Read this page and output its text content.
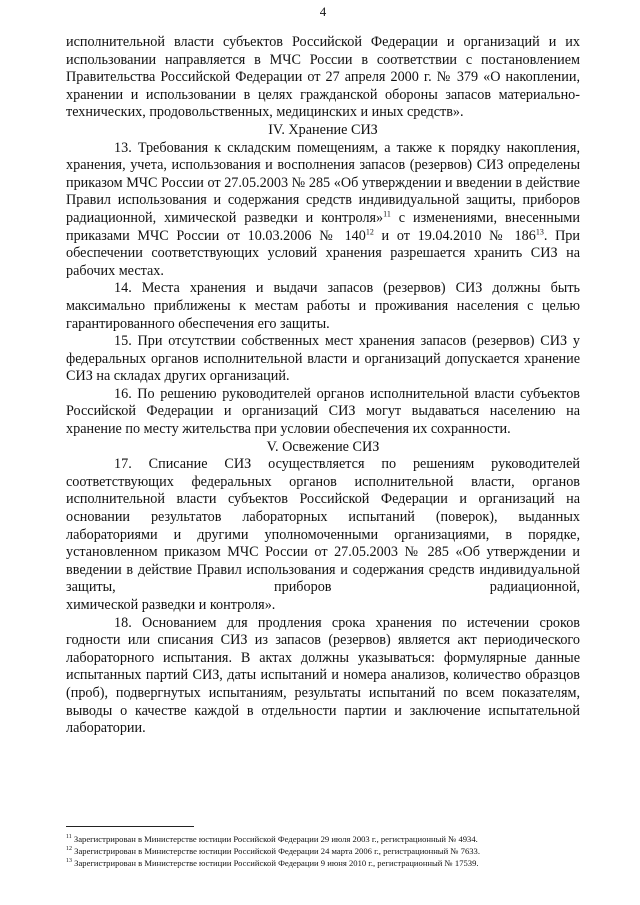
4

исполнительной власти субъектов Российской Федерации и организаций и их использовании направляется в МЧС России в соответствии с постановлением Правительства Российской Федерации от 27 апреля 2000 г. № 379 «О накоплении, хранении и использовании в целях гражданской обороны запасов материально-технических, продовольственных, медицинских и иных средств».

IV. Хранение СИЗ

13. Требования к складским помещениям, а также к порядку накопления, хранения, учета, использования и восполнения запасов (резервов) СИЗ определены приказом МЧС России от 27.05.2003 № 285 «Об утверждении и введении в действие Правил использования и содержания средств индивидуальной защиты, приборов радиационной, химической разведки и контроля»$^{11}$ с изменениями, внесенными приказами МЧС России от 10.03.2006 № $140^{12}$ и от 19.04.2010 № $186^{13}$. При обеспечении соответствующих условий хранения разрешается хранить СИЗ на рабочих местах.

14. Места хранения и выдачи запасов (резервов) СИЗ должны быть максимально приближены к местам работы и проживания населения с целью гарантированного обеспечения его защиты.

15. При отсутствии собственных мест хранения запасов (резервов) СИЗ у федеральных органов исполнительной власти и организаций допускается хранение СИЗ на складах других организаций.

16. По решению руководителей органов исполнительной власти субъектов Российской Федерации и организаций СИЗ могут выдаваться населению на хранение по месту жительства при условии обеспечения их сохранности.

V. Освежение СИЗ

17. Списание СИЗ осуществляется по решениям руководителей соответствующих федеральных органов исполнительной власти, органов исполнительной власти субъектов Российской Федерации и организаций на основании результатов лабораторных испытаний (поверок), выданных лабораториями и другими уполномоченными организациями, в порядке, установленном приказом МЧС России от 27.05.2003 № 285 «Об утверждении и введении в действие Правил использования и содержания средств индивидуальной защиты, приборов радиационной,

химической разведки и контроля».

18. Основанием для продления срока хранения по истечении сроков годности или списания СИЗ из запасов (резервов) является акт периодического лабораторного испытания. В актах должны указываться: формулярные данные испытанных партий СИЗ, даты испытаний и номера анализов, количество образцов (проб), подвергнутых испытаниям, результаты испытаний по всем показателям, выводы о качестве каждой в отдельности партии и заключение испытательной лаборатории.

$^{11}$ Зарегистрирован в Министерстве юстиции Российской Федерации 29 июля 2003 г., регистрационный № 4934.
$^{12}$ Зарегистрирован в Министерстве юстиции Российской Федерации 24 марта 2006 г., регистрационный № 7633.
$^{13}$ Зарегистрирован в Министерстве юстиции Российской Федерации 9 июня 2010 г., регистрационный № 17539.
